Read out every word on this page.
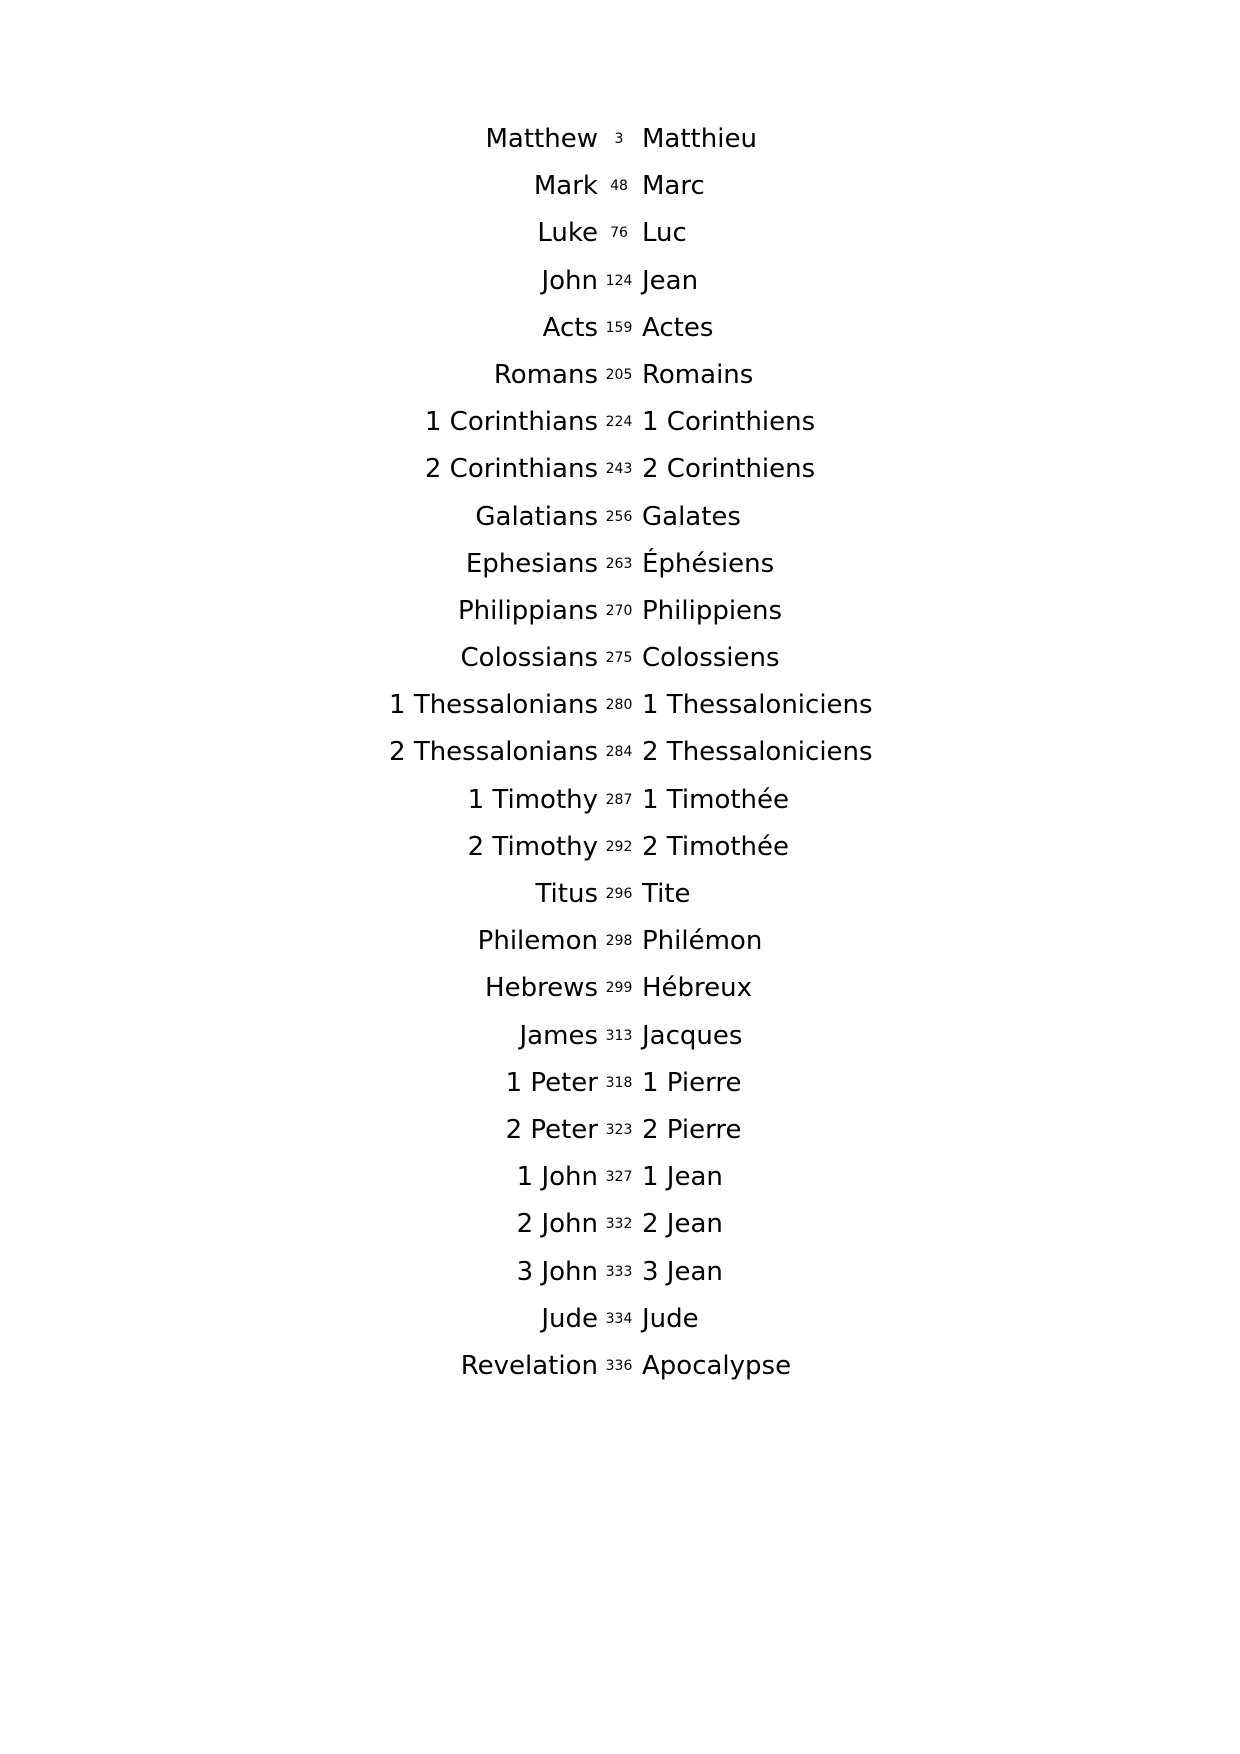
Matthew	3 Matthieu
Mark 48 Marc
Luke 76 Luc
John 124 Jean
Acts 159 Actes
Romans 205 Romains
1 Corinthians 224 1 Corinthiens
2 Corinthians 243 2 Corinthiens
Galatians 256 Galates
Ephesians 263 Éphésiens
Philippians 270 Philippiens
Colossians 275 Colossiens
1 Thessalonians 280 1 Thessaloniciens
2 Thessalonians 284 2 Thessaloniciens
1 Timothy 287 1 Timothée
2 Timothy 292 2 Timothée
Titus 296 Tite
Philemon 298 Philémon
Hebrews 299 Hébreux
James 313 Jacques
1 Peter 318 1 Pierre
2 Peter 323 2 Pierre
1 John 327 1 Jean
2 John 332 2 Jean
3 John 333 3 Jean
Jude 334 Jude
Revelation 336 Apocalypse
